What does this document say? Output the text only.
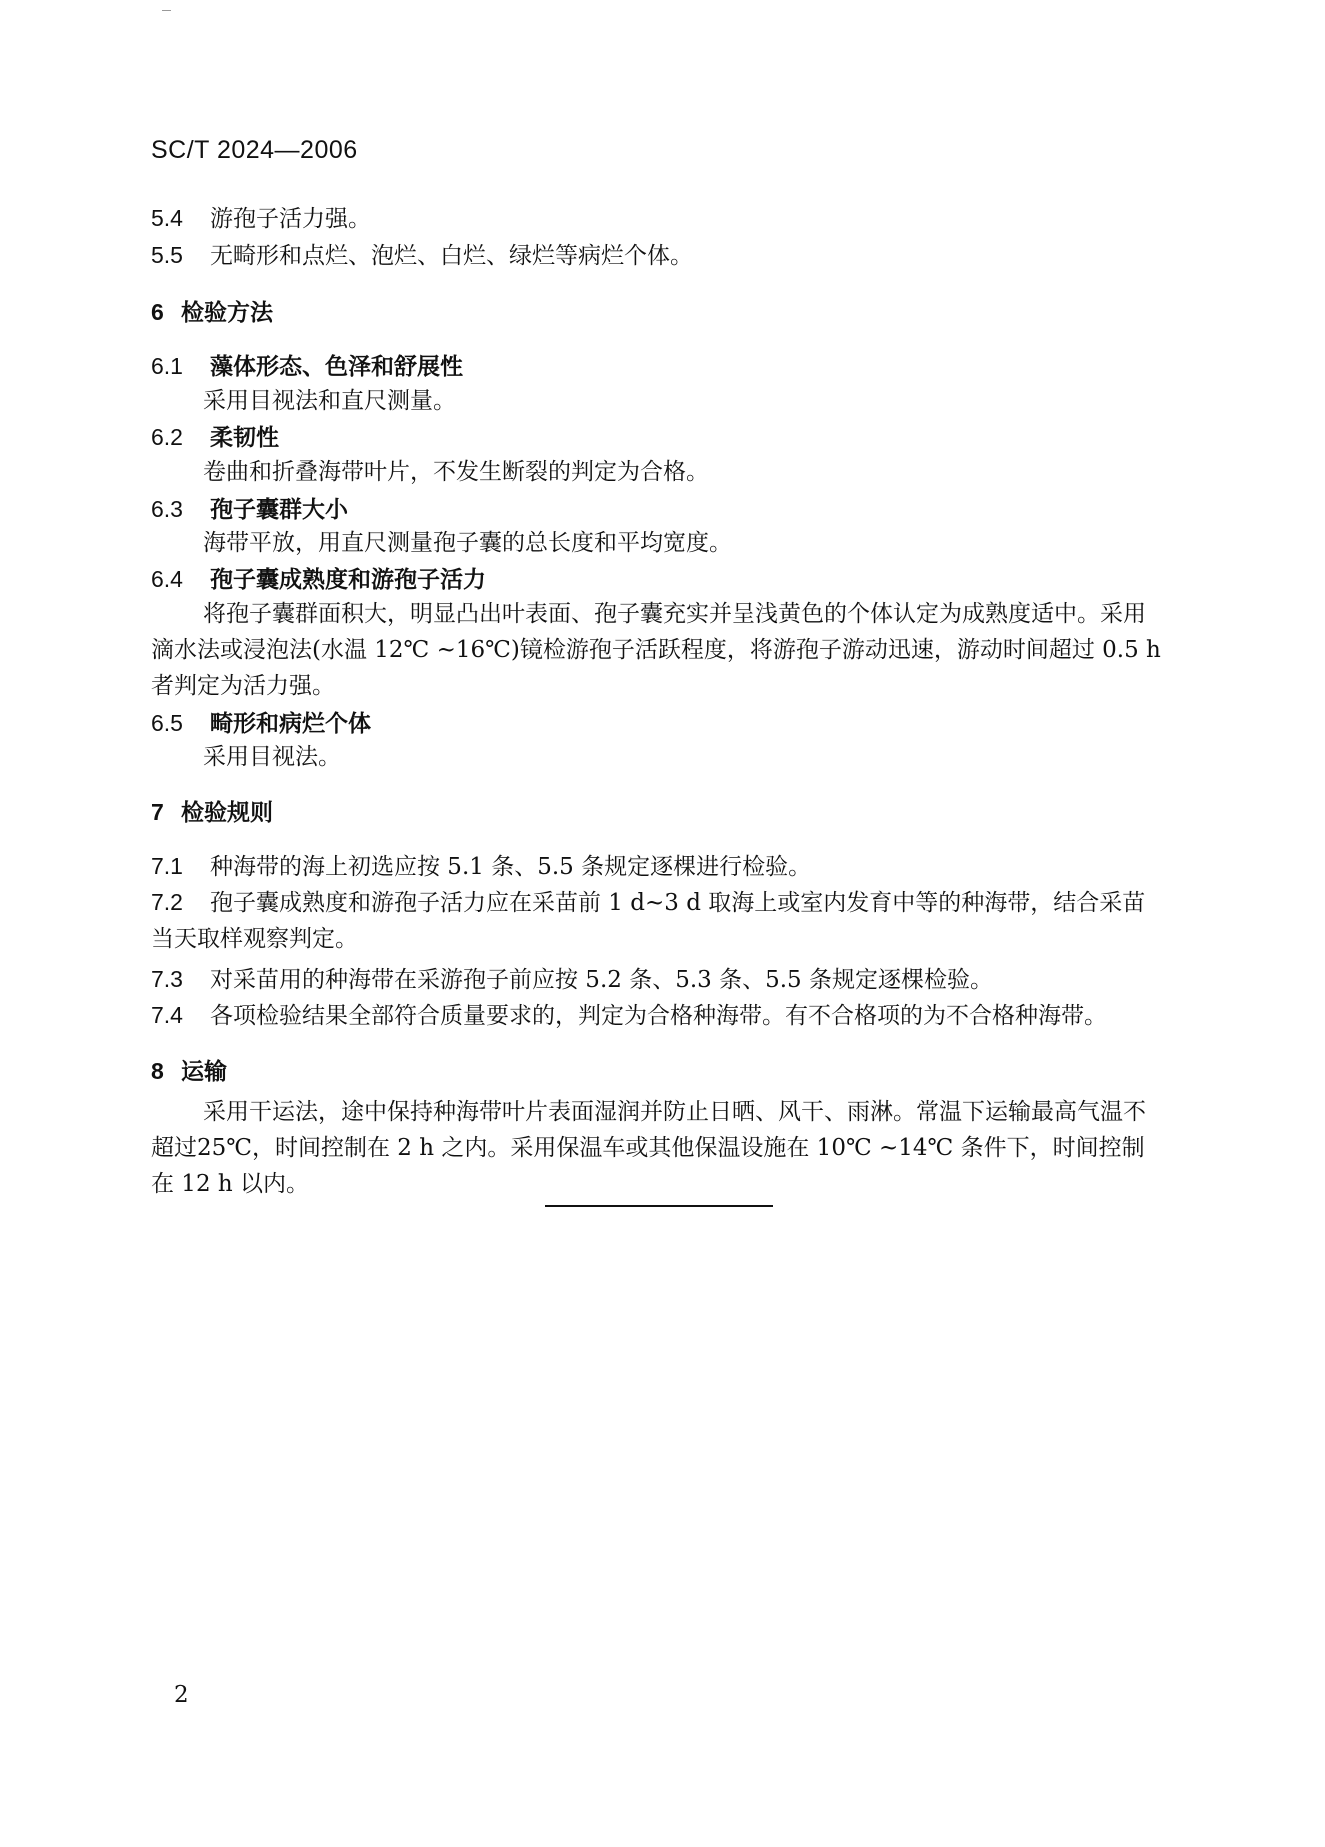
SC/T 2024—2006
5.4 游孢子活力强。
5.5 无畸形和点烂、泡烂、白烂、绿烂等病烂个体。
6 检验方法
6.1 藻体形态、色泽和舒展性
采用目视法和直尺测量。
6.2 柔韧性
卷曲和折叠海带叶片，不发生断裂的判定为合格。
6.3 孢子囊群大小
海带平放，用直尺测量孢子囊的总长度和平均宽度。
6.4 孢子囊成熟度和游孢子活力
将孢子囊群面积大，明显凸出叶表面、孢子囊充实并呈浅黄色的个体认定为成熟度适中。采用滴水法或浸泡法(水温 12℃ ~16℃)镜检游孢子活跃程度，将游孢子游动迅速，游动时间超过 0.5 h 者判定为活力强。
6.5 畸形和病烂个体
采用目视法。
7 检验规则
7.1 种海带的海上初选应按 5.1 条、5.5 条规定逐棵进行检验。
7.2 孢子囊成熟度和游孢子活力应在采苗前 1 d~3 d 取海上或室内发育中等的种海带，结合采苗当天取样观察判定。
7.3 对采苗用的种海带在采游孢子前应按 5.2 条、5.3 条、5.5 条规定逐棵检验。
7.4 各项检验结果全部符合质量要求的，判定为合格种海带。有不合格项的为不合格种海带。
8 运输
采用干运法，途中保持种海带叶片表面湿润并防止日晒、风干、雨淋。常温下运输最高气温不超过25℃，时间控制在 2 h 之内。采用保温车或其他保温设施在 10℃ ~14℃ 条件下，时间控制在 12 h 以内。
2
